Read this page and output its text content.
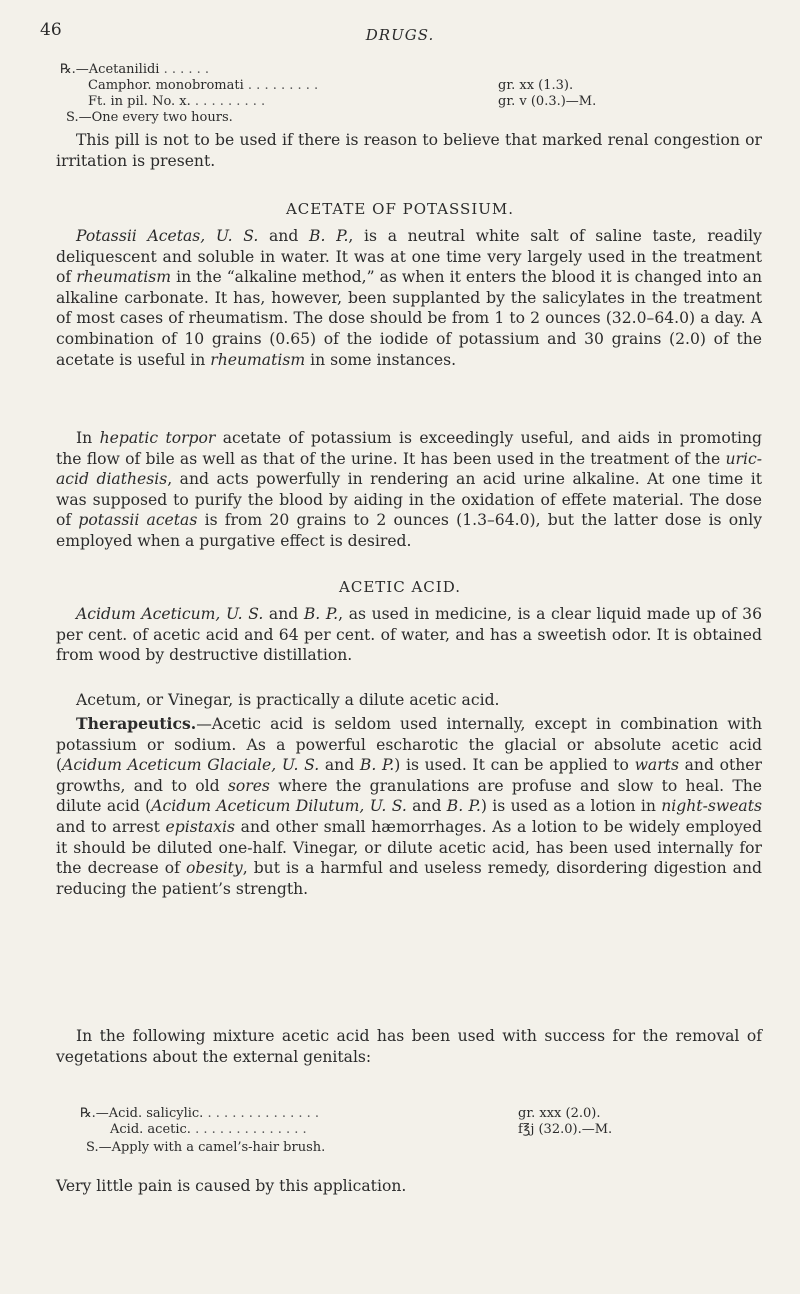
46	DRUGS.
℞.—Acetanilidi . . . . . .
Camphor. monobromati . . . . . . . . .	gr. xx (1.3).
Ft. in pil. No. x. . . . . . . . . .	gr. v (0.3.)—M.
S.—One every two hours.

This pill is not to be used if there is reason to believe that marked renal congestion or irritation is present.

ACETATE OF POTASSIUM.

Potassii Acetas, U. S. and B. P., is a neutral white salt of saline taste, readily deliquescent and soluble in water. It was at one time very largely used in the treatment of rheumatism in the “alkaline method,” as when it enters the blood it is changed into an alkaline carbonate. It has, however, been supplanted by the salicylates in the treatment of most cases of rheumatism. The dose should be from 1 to 2 ounces (32.0–64.0) a day. A combination of 10 grains (0.65) of the iodide of potassium and 30 grains (2.0) of the acetate is useful in rheumatism in some instances.

In hepatic torpor acetate of potassium is exceedingly useful, and aids in promoting the flow of bile as well as that of the urine. It has been used in the treatment of the uric-acid diathesis, and acts powerfully in rendering an acid urine alkaline. At one time it was supposed to purify the blood by aiding in the oxidation of effete material. The dose of potassii acetas is from 20 grains to 2 ounces (1.3–64.0), but the latter dose is only employed when a purgative effect is desired.

ACETIC ACID.

Acidum Aceticum, U. S. and B. P., as used in medicine, is a clear liquid made up of 36 per cent. of acetic acid and 64 per cent. of water, and has a sweetish odor. It is obtained from wood by destructive distillation.

Acetum, or Vinegar, is practically a dilute acetic acid.

Therapeutics.—Acetic acid is seldom used internally, except in combination with potassium or sodium. As a powerful escharotic the glacial or absolute acetic acid (Acidum Aceticum Glaciale, U. S. and B. P.) is used. It can be applied to warts and other growths, and to old sores where the granulations are profuse and slow to heal. The dilute acid (Acidum Aceticum Dilutum, U. S. and B. P.) is used as a lotion in night-sweats and to arrest epistaxis and other small hæmorrhages. As a lotion to be widely employed it should be diluted one-half. Vinegar, or dilute acetic acid, has been used internally for the decrease of obesity, but is a harmful and useless remedy, disordering digestion and reducing the patient’s strength.

In the following mixture acetic acid has been used with success for the removal of vegetations about the external genitals:

℞.—Acid. salicylic. . . . . . . . . . . . . . .	gr. xxx (2.0).
Acid. acetic. . . . . . . . . . . . . . .	f℥j (32.0).—M.
S.—Apply with a camel’s-hair brush.

Very little pain is caused by this application.
